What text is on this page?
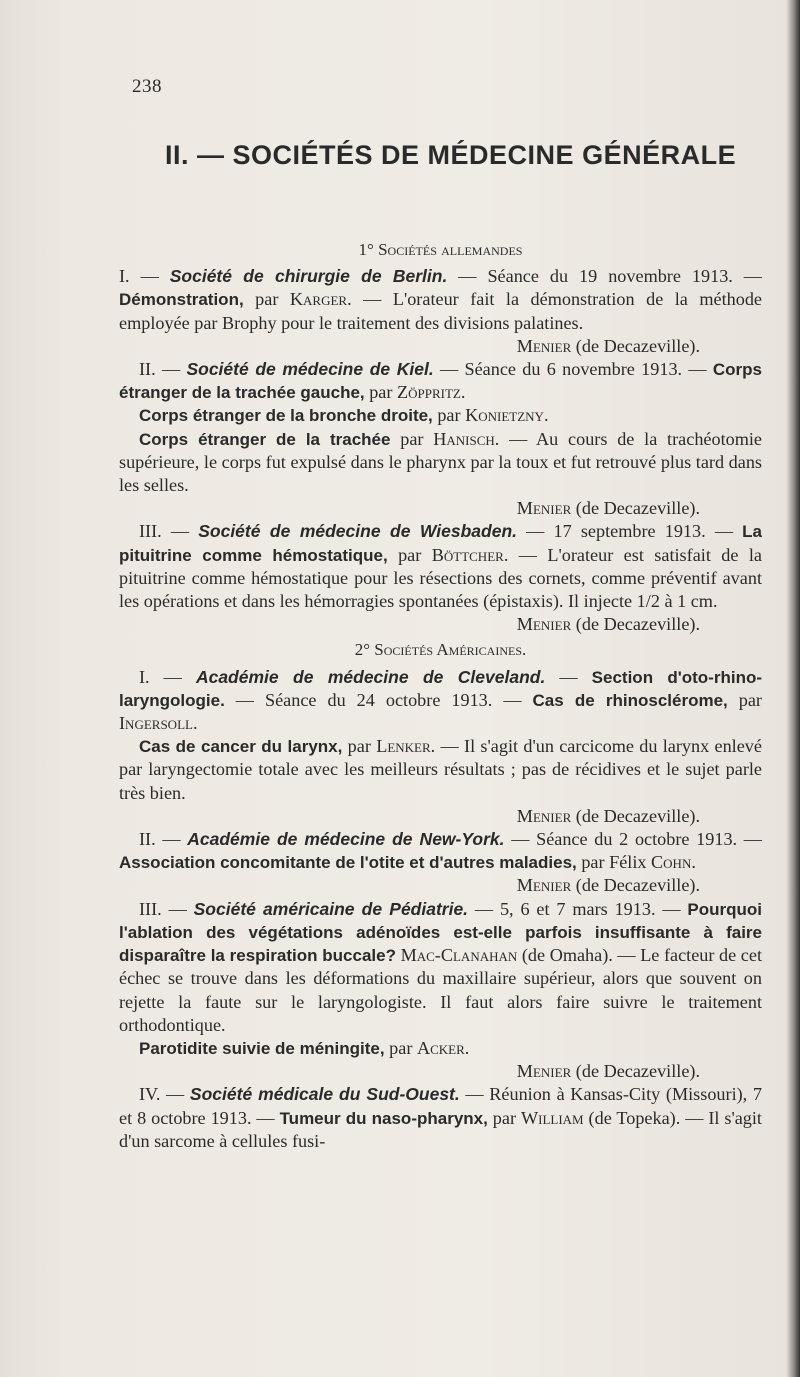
238
II. — SOCIÉTÉS DE MÉDECINE GÉNÉRALE

1° Sociétés allemandes

I. — Société de chirurgie de Berlin. — Séance du 19 novembre 1913. — Démonstration, par Karger. — L'orateur fait la démonstration de la méthode employée par Brophy pour le traitement des divisions palatines.

Menier (de Decazeville).

II. — Société de médecine de Kiel. — Séance du 6 novembre 1913. — Corps étranger de la trachée gauche, par Zöppritz.

Corps étranger de la bronche droite, par Konietzny.

Corps étranger de la trachée par Hanisch. — Au cours de la trachéotomie supérieure, le corps fut expulsé dans le pharynx par la toux et fut retrouvé plus tard dans les selles.

Menier (de Decazeville).

III. — Société de médecine de Wiesbaden. — 17 septembre 1913. — La pituitrine comme hémostatique, par Böttcher. — L'orateur est satisfait de la pituitrine comme hémostatique pour les résections des cornets, comme préventif avant les opérations et dans les hémorragies spontanées (épistaxis). Il injecte 1/2 à 1 cm.

Menier (de Decazeville).

2° Sociétés Américaines.

I. — Académie de médecine de Cleveland. — Section d'oto-rhino-laryngologie. — Séance du 24 octobre 1913. — Cas de rhinosclérome, par Ingersoll.

Cas de cancer du larynx, par Lenker. — Il s'agit d'un carcicome du larynx enlevé par laryngectomie totale avec les meilleurs résultats ; pas de récidives et le sujet parle très bien.

Menier (de Decazeville).

II. — Académie de médecine de New-York. — Séance du 2 octobre 1913. — Association concomitante de l'otite et d'autres maladies, par Félix Cohn.

Menier (de Decazeville).

III. — Société américaine de Pédiatrie. — 5, 6 et 7 mars 1913. — Pourquoi l'ablation des végétations adénoïdes est-elle parfois insuffisante à faire disparaître la respiration buccale? Mac-Clanahan (de Omaha). — Le facteur de cet échec se trouve dans les déformations du maxillaire supérieur, alors que souvent on rejette la faute sur le laryngologiste. Il faut alors faire suivre le traitement orthodontique.

Parotidite suivie de méningite, par Acker.

Menier (de Decazeville).

IV. — Société médicale du Sud-Ouest. — Réunion à Kansas-City (Missouri), 7 et 8 octobre 1913. — Tumeur du naso-pharynx, par William (de Topeka). — Il s'agit d'un sarcome à cellules fusi-
